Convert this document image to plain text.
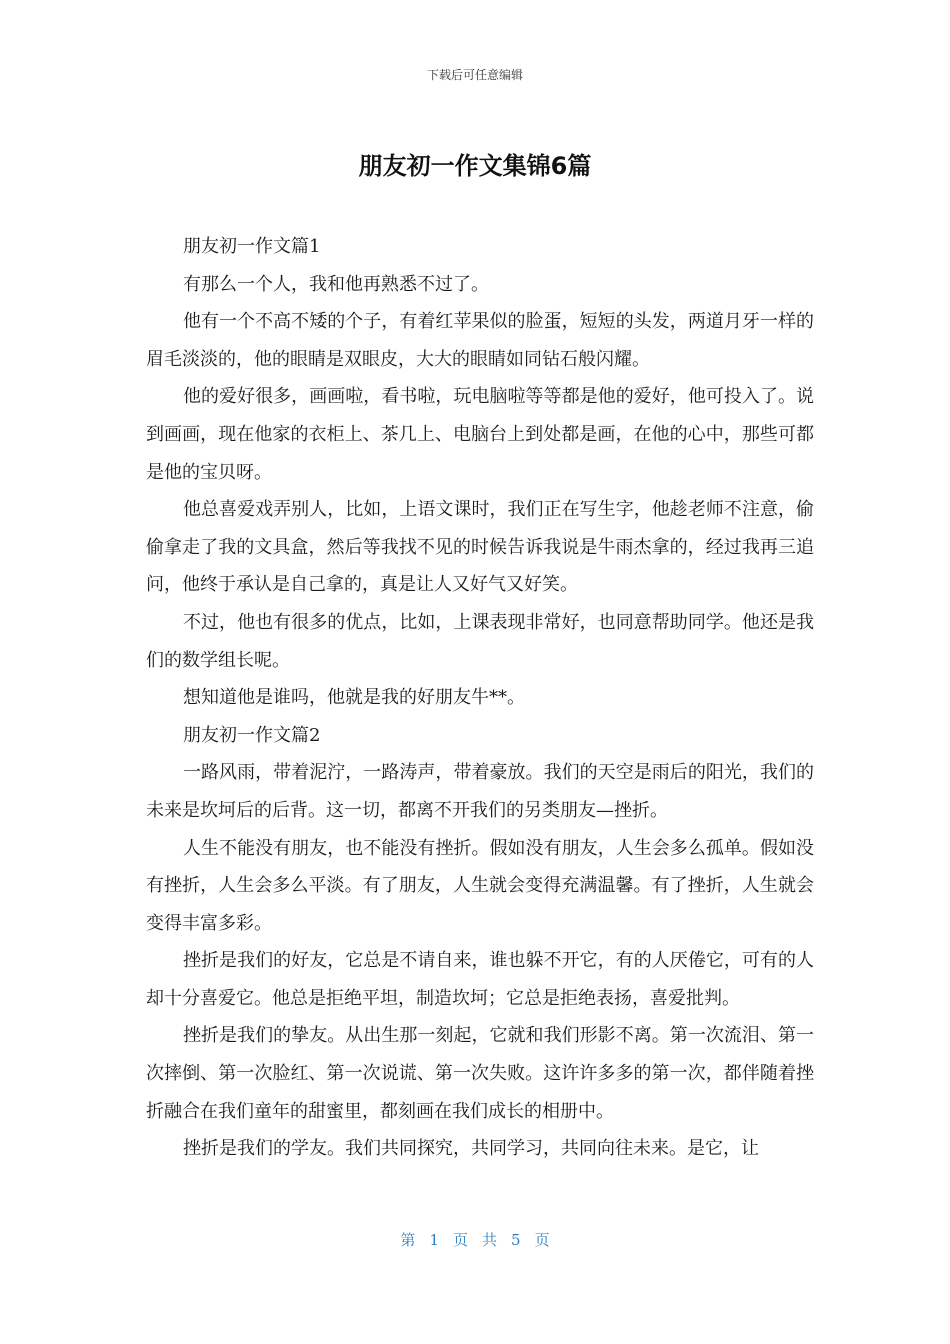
下载后可任意编辑
朋友初一作文集锦6篇

朋友初一作文篇1

有那么一个人，我和他再熟悉不过了。

他有一个不高不矮的个子，有着红苹果似的脸蛋，短短的头发，两道月牙一样的眉毛淡淡的，他的眼睛是双眼皮，大大的眼睛如同钻石般闪耀。

他的爱好很多，画画啦，看书啦，玩电脑啦等等都是他的爱好，他可投入了。说到画画，现在他家的衣柜上、茶几上、电脑台上到处都是画，在他的心中，那些可都是他的宝贝呀。

他总喜爱戏弄别人，比如，上语文课时，我们正在写生字，他趁老师不注意，偷偷拿走了我的文具盒，然后等我找不见的时候告诉我说是牛雨杰拿的，经过我再三追问，他终于承认是自己拿的，真是让人又好气又好笑。

不过，他也有很多的优点，比如，上课表现非常好，也同意帮助同学。他还是我们的数学组长呢。

想知道他是谁吗，他就是我的好朋友牛**。

朋友初一作文篇2

一路风雨，带着泥泞，一路涛声，带着豪放。我们的天空是雨后的阳光，我们的未来是坎坷后的后背。这一切，都离不开我们的另类朋友—挫折。

人生不能没有朋友，也不能没有挫折。假如没有朋友，人生会多么孤单。假如没有挫折，人生会多么平淡。有了朋友，人生就会变得充满温馨。有了挫折，人生就会变得丰富多彩。

挫折是我们的好友，它总是不请自来，谁也躲不开它，有的人厌倦它，可有的人却十分喜爱它。他总是拒绝平坦，制造坎坷；它总是拒绝表扬，喜爱批判。

挫折是我们的挚友。从出生那一刻起，它就和我们形影不离。第一次流泪、第一次摔倒、第一次脸红、第一次说谎、第一次失败。这许许多多的第一次，都伴随着挫折融合在我们童年的甜蜜里，都刻画在我们成长的相册中。

挫折是我们的学友。我们共同探究，共同学习，共同向往未来。是它，让

第 1 页 共 5 页
